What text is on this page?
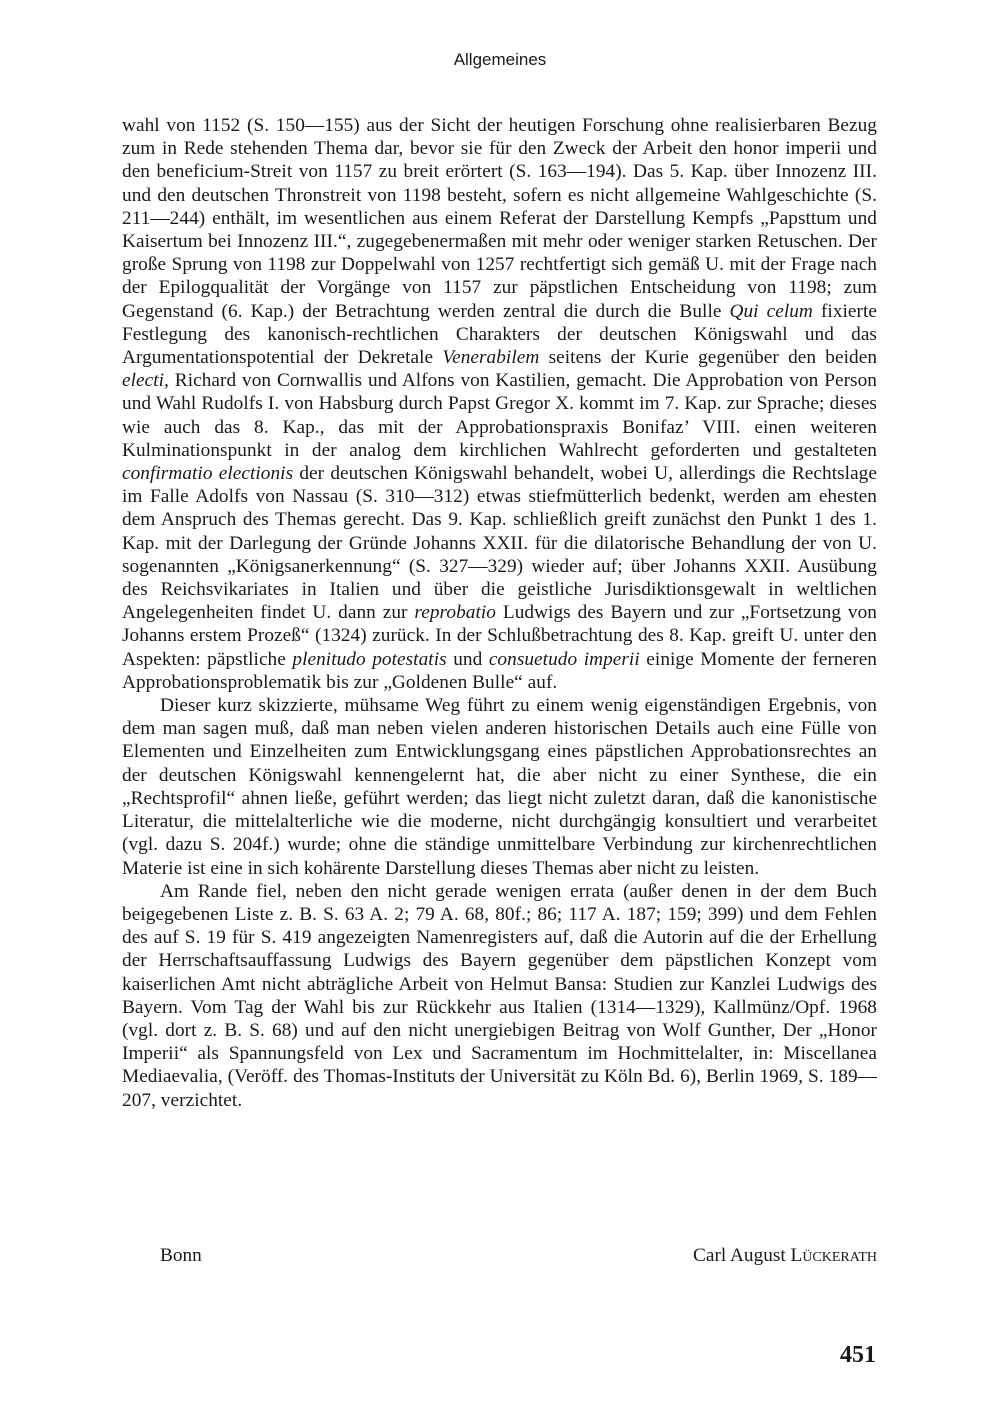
Allgemeines

wahl von 1152 (S. 150—155) aus der Sicht der heutigen Forschung ohne realisierbaren Bezug zum in Rede stehenden Thema dar, bevor sie für den Zweck der Arbeit den honor imperii und den beneficium-Streit von 1157 zu breit erörtert (S. 163—194). Das 5. Kap. über Innozenz III. und den deutschen Thronstreit von 1198 besteht, sofern es nicht allgemeine Wahlgeschichte (S. 211—244) enthält, im wesentlichen aus einem Referat der Darstellung Kempfs „Papsttum und Kaisertum bei Innozenz III.“, zugegebenermaßen mit mehr oder weniger starken Retuschen. Der große Sprung von 1198 zur Doppelwahl von 1257 rechtfertigt sich gemäß U. mit der Frage nach der Epilogqualität der Vorgänge von 1157 zur päpstlichen Entscheidung von 1198; zum Gegenstand (6. Kap.) der Betrachtung werden zentral die durch die Bulle Qui celum fixierte Festlegung des kanonisch-rechtlichen Charakters der deutschen Königswahl und das Argumentationspotential der Dekretale Venerabilem seitens der Kurie gegenüber den beiden electi, Richard von Cornwallis und Alfons von Kastilien, gemacht. Die Approbation von Person und Wahl Rudolfs I. von Habsburg durch Papst Gregor X. kommt im 7. Kap. zur Sprache; dieses wie auch das 8. Kap., das mit der Approbationspraxis Bonifaz’ VIII. einen weiteren Kulminationspunkt in der analog dem kirchlichen Wahlrecht geforderten und gestalteten confirmatio electionis der deutschen Königswahl behandelt, wobei U, allerdings die Rechtslage im Falle Adolfs von Nassau (S. 310—312) etwas stiefmütterlich bedenkt, werden am ehesten dem Anspruch des Themas gerecht. Das 9. Kap. schließlich greift zunächst den Punkt 1 des 1. Kap. mit der Darlegung der Gründe Johanns XXII. für die dilatorische Behandlung der von U. sogenannten „Königsanerkennung“ (S. 327—329) wieder auf; über Johanns XXII. Ausübung des Reichsvikariates in Italien und über die geistliche Jurisdiktionsgewalt in weltlichen Angelegenheiten findet U. dann zur reprobatio Ludwigs des Bayern und zur „Fortsetzung von Johanns erstem Prozeß“ (1324) zurück. In der Schlußbetrachtung des 8. Kap. greift U. unter den Aspekten: päpstliche plenitudo potestatis und consuetudo imperii einige Momente der ferneren Approbationsproblematik bis zur „Goldenen Bulle“ auf.

Dieser kurz skizzierte, mühsame Weg führt zu einem wenig eigenständigen Ergebnis, von dem man sagen muß, daß man neben vielen anderen historischen Details auch eine Fülle von Elementen und Einzelheiten zum Entwicklungsgang eines päpstlichen Approbationsrechtes an der deutschen Königswahl kennengelernt hat, die aber nicht zu einer Synthese, die ein „Rechtsprofil“ ahnen ließe, geführt werden; das liegt nicht zuletzt daran, daß die kanonistische Literatur, die mittelalterliche wie die moderne, nicht durchgängig konsultiert und verarbeitet (vgl. dazu S. 204f.) wurde; ohne die ständige unmittelbare Verbindung zur kirchenrechtlichen Materie ist eine in sich kohärente Darstellung dieses Themas aber nicht zu leisten.

Am Rande fiel, neben den nicht gerade wenigen errata (außer denen in der dem Buch beigegebenen Liste z. B. S. 63 A. 2; 79 A. 68, 80f.; 86; 117 A. 187; 159; 399) und dem Fehlen des auf S. 19 für S. 419 angezeigten Namenregisters auf, daß die Autorin auf die der Erhellung der Herrschaftsauffassung Ludwigs des Bayern gegenüber dem päpstlichen Konzept vom kaiserlichen Amt nicht abträgliche Arbeit von Helmut Bansa: Studien zur Kanzlei Ludwigs des Bayern. Vom Tag der Wahl bis zur Rückkehr aus Italien (1314—1329), Kallmünz/Opf. 1968 (vgl. dort z. B. S. 68) und auf den nicht unergiebigen Beitrag von Wolf Gunther, Der „Honor Imperii“ als Spannungsfeld von Lex und Sacramentum im Hochmittelalter, in: Miscellanea Mediaevalia, (Veröff. des Thomas-Instituts der Universität zu Köln Bd. 6), Berlin 1969, S. 189—207, verzichtet.

Bonn	Carl August Lückerath
451
